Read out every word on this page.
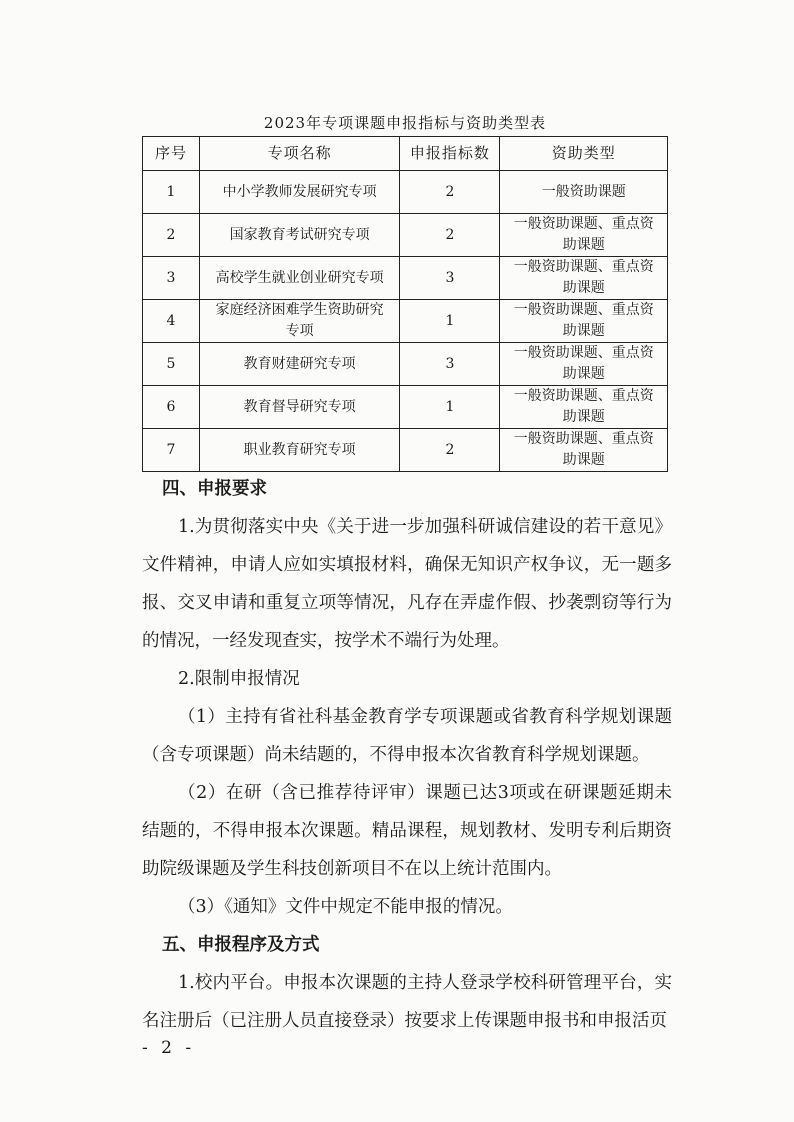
2023年专项课题申报指标与资助类型表
序号	专项名称	申报指标数	资助类型
1	中小学教师发展研究专项	2	一般资助课题
2	国家教育考试研究专项	2	一般资助课题、重点资助课题
3	高校学生就业创业研究专项	3	一般资助课题、重点资助课题
4	家庭经济困难学生资助研究专项	1	一般资助课题、重点资助课题
5	教育财建研究专项	3	一般资助课题、重点资助课题
6	教育督导研究专项	1	一般资助课题、重点资助课题
7	职业教育研究专项	2	一般资助课题、重点资助课题

四、申报要求

1.为贯彻落实中央《关于进一步加强科研诚信建设的若干意见》文件精神，申请人应如实填报材料，确保无知识产权争议，无一题多报、交叉申请和重复立项等情况，凡存在弄虚作假、抄袭剽窃等行为的情况，一经发现查实，按学术不端行为处理。

2.限制申报情况

（1）主持有省社科基金教育学专项课题或省教育科学规划课题（含专项课题）尚未结题的，不得申报本次省教育科学规划课题。

（2）在研（含已推荐待评审）课题已达3项或在研课题延期未结题的，不得申报本次课题。精品课程，规划教材、发明专利后期资助院级课题及学生科技创新项目不在以上统计范围内。

（3）《通知》文件中规定不能申报的情况。

五、申报程序及方式

1.校内平台。申报本次课题的主持人登录学校科研管理平台，实名注册后（已注册人员直接登录）按要求上传课题申报书和申报活页

- 2 -
